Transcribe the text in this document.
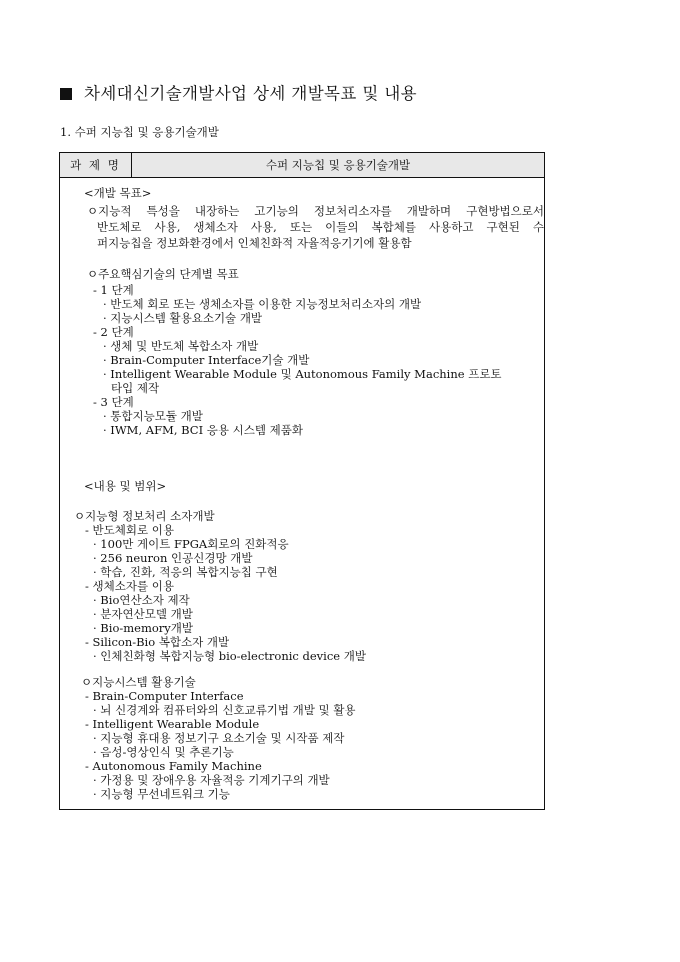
차세대신기술개발사업 상세 개발목표 및 내용
1. 수퍼 지능칩 및 응용기술개발
과 제 명	수퍼 지능칩 및 응용기술개발
<개발 목표>
ㅇ지능적 특성을 내장하는 고기능의 정보처리소자를 개발하며 구현방법으로서
반도체로 사용, 생체소자 사용, 또는 이들의 복합체를 사용하고 구현된 수
퍼지능칩을 정보화환경에서 인체친화적 자율적응기기에 활용함
ㅇ주요핵심기술의 단계별 목표
- 1 단계
· 반도체 회로 또는 생체소자를 이용한 지능정보처리소자의 개발
· 지능시스템 활용요소기술 개발
- 2 단계
· 생체 및 반도체 복합소자 개발
· Brain-Computer Interface기술 개발
· Intelligent Wearable Module 및 Autonomous Family Machine 프로토
타입 제작
- 3 단계
· 통합지능모듈 개발
· IWM, AFM, BCI 응용 시스템 제품화
<내용 및 범위>
ㅇ지능형 정보처리 소자개발
- 반도체회로 이용
· 100만 게이트 FPGA회로의 진화적응
· 256 neuron 인공신경망 개발
· 학습, 진화, 적응의 복합지능칩 구현
- 생체소자를 이용
· Bio연산소자 제작
· 분자연산모델 개발
· Bio-memory개발
- Silicon-Bio 복합소자 개발
· 인체친화형 복합지능형 bio-electronic device 개발
ㅇ지능시스템 활용기술
- Brain-Computer Interface
· 뇌 신경계와 컴퓨터와의 신호교류기법 개발 및 활용
- Intelligent Wearable Module
· 지능형 휴대용 정보기구 요소기술 및 시작품 제작
· 음성-영상인식 및 추론기능
- Autonomous Family Machine
· 가정용 및 장애우용 자율적응 기계기구의 개발
· 지능형 무선네트워크 기능
